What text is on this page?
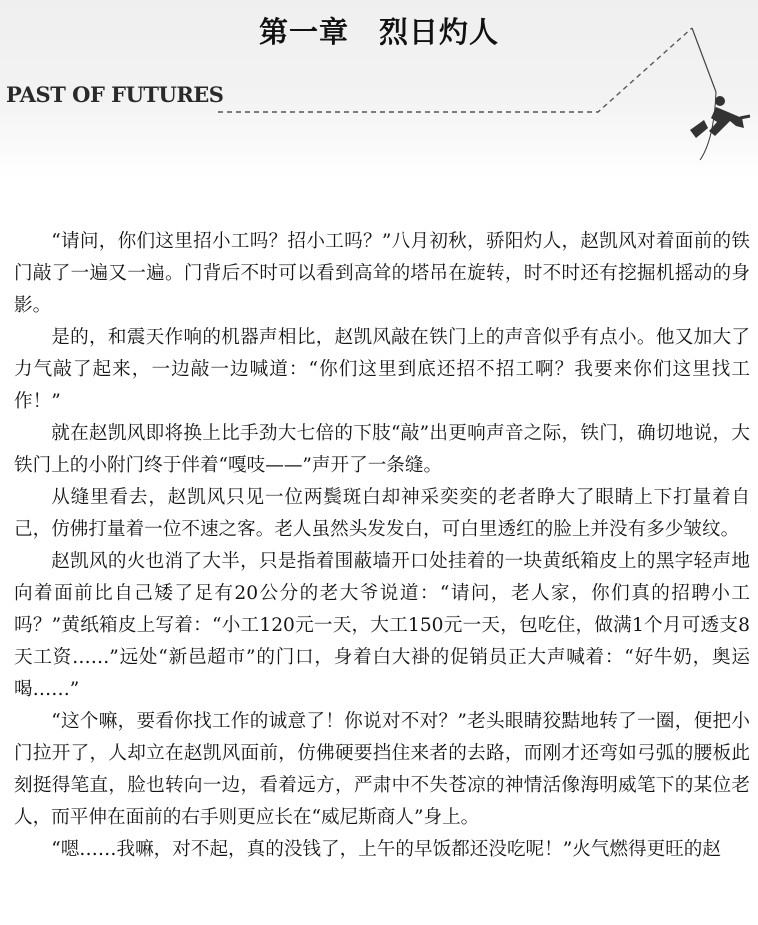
第一章　烈日灼人
PAST OF FUTURES

“请问，你们这里招小工吗？招小工吗？”八月初秋，骄阳灼人，赵凯风对着面前的铁门敲了一遍又一遍。门背后不时可以看到高耸的塔吊在旋转，时不时还有挖掘机摇动的身影。

是的，和震天作响的机器声相比，赵凯风敲在铁门上的声音似乎有点小。他又加大了力气敲了起来，一边敲一边喊道：“你们这里到底还招不招工啊？我要来你们这里找工作！”

就在赵凯风即将换上比手劲大七倍的下肢“敲”出更响声音之际，铁门，确切地说，大铁门上的小附门终于伴着“嘎吱——”声开了一条缝。

从缝里看去，赵凯风只见一位两鬓斑白却神采奕奕的老者睁大了眼睛上下打量着自己，仿佛打量着一位不速之客。老人虽然头发发白，可白里透红的脸上并没有多少皱纹。

赵凯风的火也消了大半，只是指着围蔽墙开口处挂着的一块黄纸箱皮上的黑字轻声地向着面前比自己矮了足有20公分的老大爷说道：“请问，老人家，你们真的招聘小工吗？”黄纸箱皮上写着：“小工120元一天，大工150元一天，包吃住，做满1个月可透支8天工资……”远处“新邑超市”的门口，身着白大褂的促销员正大声喊着：“好牛奶，奥运喝……”

“这个嘛，要看你找工作的诚意了！你说对不对？”老头眼睛狡黠地转了一圈，便把小门拉开了，人却立在赵凯风面前，仿佛硬要挡住来者的去路，而刚才还弯如弓弧的腰板此刻挺得笔直，脸也转向一边，看着远方，严肃中不失苍凉的神情活像海明威笔下的某位老人，而平伸在面前的右手则更应长在“威尼斯商人”身上。

“嗯……我嘛，对不起，真的没钱了，上午的早饭都还没吃呢！”火气燃得更旺的赵
